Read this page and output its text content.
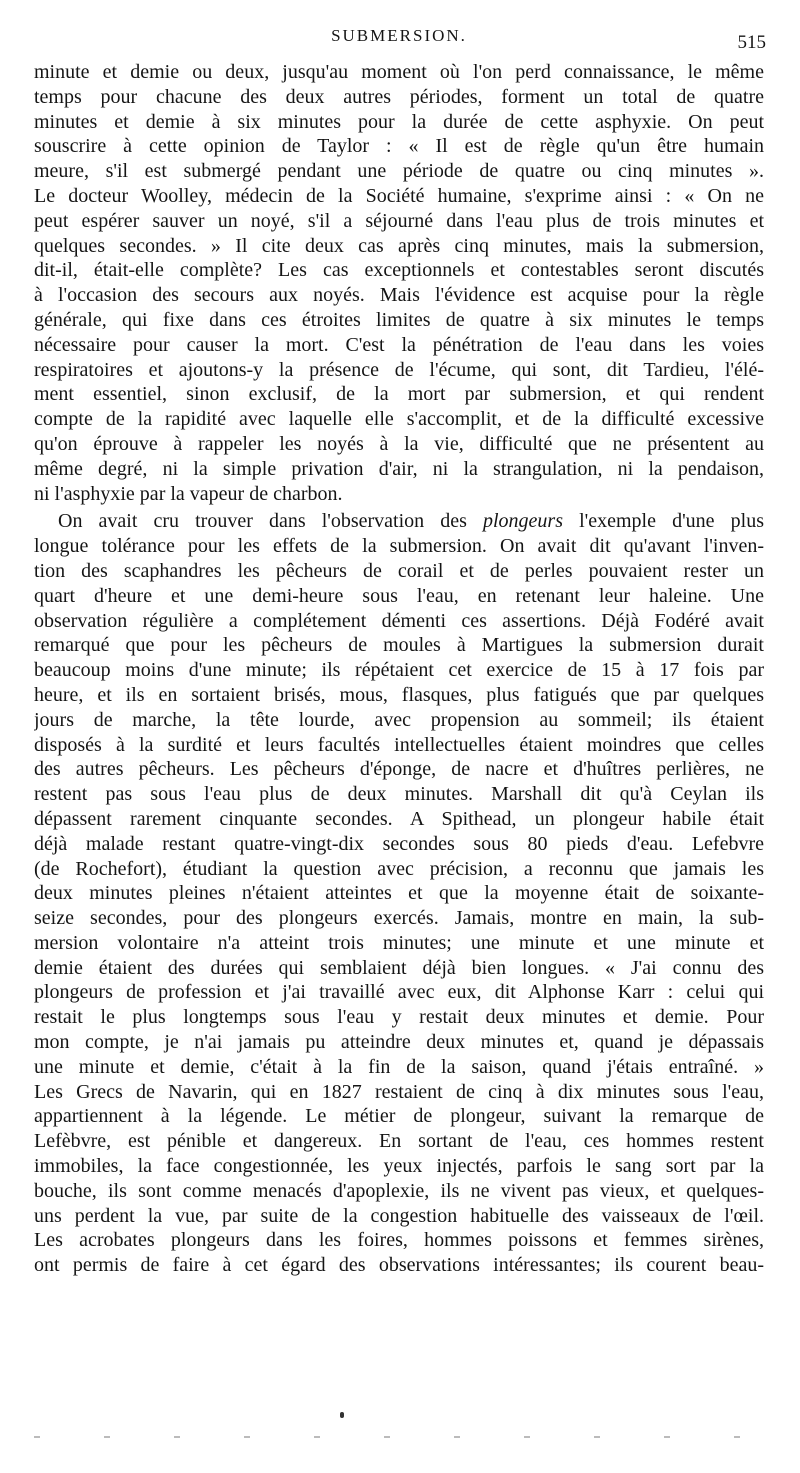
SUBMERSION.	515
minute et demie ou deux, jusqu'au moment où l'on perd connaissance, le même
temps pour chacune des deux autres périodes, forment un total de quatre
minutes et demie à six minutes pour la durée de cette asphyxie. On peut
souscrire à cette opinion de Taylor : « Il est de règle qu'un être humain
meure, s'il est submergé pendant une période de quatre ou cinq minutes ».
Le docteur Woolley, médecin de la Société humaine, s'exprime ainsi : « On ne
peut espérer sauver un noyé, s'il a séjourné dans l'eau plus de trois minutes et
quelques secondes. » Il cite deux cas après cinq minutes, mais la submersion,
dit-il, était-elle complète? Les cas exceptionnels et contestables seront discutés
à l'occasion des secours aux noyés. Mais l'évidence est acquise pour la règle
générale, qui fixe dans ces étroites limites de quatre à six minutes le temps
nécessaire pour causer la mort. C'est la pénétration de l'eau dans les voies
respiratoires et ajoutons-y la présence de l'écume, qui sont, dit Tardieu, l'élé-
ment essentiel, sinon exclusif, de la mort par submersion, et qui rendent
compte de la rapidité avec laquelle elle s'accomplit, et de la difficulté excessive
qu'on éprouve à rappeler les noyés à la vie, difficulté que ne présentent au
même degré, ni la simple privation d'air, ni la strangulation, ni la pendaison,
ni l'asphyxie par la vapeur de charbon.
On avait cru trouver dans l'observation des plongeurs l'exemple d'une plus
longue tolérance pour les effets de la submersion. On avait dit qu'avant l'inven-
tion des scaphandres les pêcheurs de corail et de perles pouvaient rester un
quart d'heure et une demi-heure sous l'eau, en retenant leur haleine. Une
observation régulière a complétement démenti ces assertions. Déjà Fodéré avait
remarqué que pour les pêcheurs de moules à Martigues la submersion durait
beaucoup moins d'une minute; ils répétaient cet exercice de 15 à 17 fois par
heure, et ils en sortaient brisés, mous, flasques, plus fatigués que par quelques
jours de marche, la tête lourde, avec propension au sommeil; ils étaient
disposés à la surdité et leurs facultés intellectuelles étaient moindres que celles
des autres pêcheurs. Les pêcheurs d'éponge, de nacre et d'huîtres perlières, ne
restent pas sous l'eau plus de deux minutes. Marshall dit qu'à Ceylan ils
dépassent rarement cinquante secondes. A Spithead, un plongeur habile était
déjà malade restant quatre-vingt-dix secondes sous 80 pieds d'eau. Lefebvre
(de Rochefort), étudiant la question avec précision, a reconnu que jamais les
deux minutes pleines n'étaient atteintes et que la moyenne était de soixante-
seize secondes, pour des plongeurs exercés. Jamais, montre en main, la sub-
mersion volontaire n'a atteint trois minutes; une minute et une minute et
demie étaient des durées qui semblaient déjà bien longues. « J'ai connu des
plongeurs de profession et j'ai travaillé avec eux, dit Alphonse Karr : celui qui
restait le plus longtemps sous l'eau y restait deux minutes et demie. Pour
mon compte, je n'ai jamais pu atteindre deux minutes et, quand je dépassais
une minute et demie, c'était à la fin de la saison, quand j'étais entraîné. »
Les Grecs de Navarin, qui en 1827 restaient de cinq à dix minutes sous l'eau,
appartiennent à la légende. Le métier de plongeur, suivant la remarque de
Lefèbvre, est pénible et dangereux. En sortant de l'eau, ces hommes restent
immobiles, la face congestionnée, les yeux injectés, parfois le sang sort par la
bouche, ils sont comme menacés d'apoplexie, ils ne vivent pas vieux, et quelques-
uns perdent la vue, par suite de la congestion habituelle des vaisseaux de l'œil.
Les acrobates plongeurs dans les foires, hommes poissons et femmes sirènes,
ont permis de faire à cet égard des observations intéressantes; ils courent beau-
